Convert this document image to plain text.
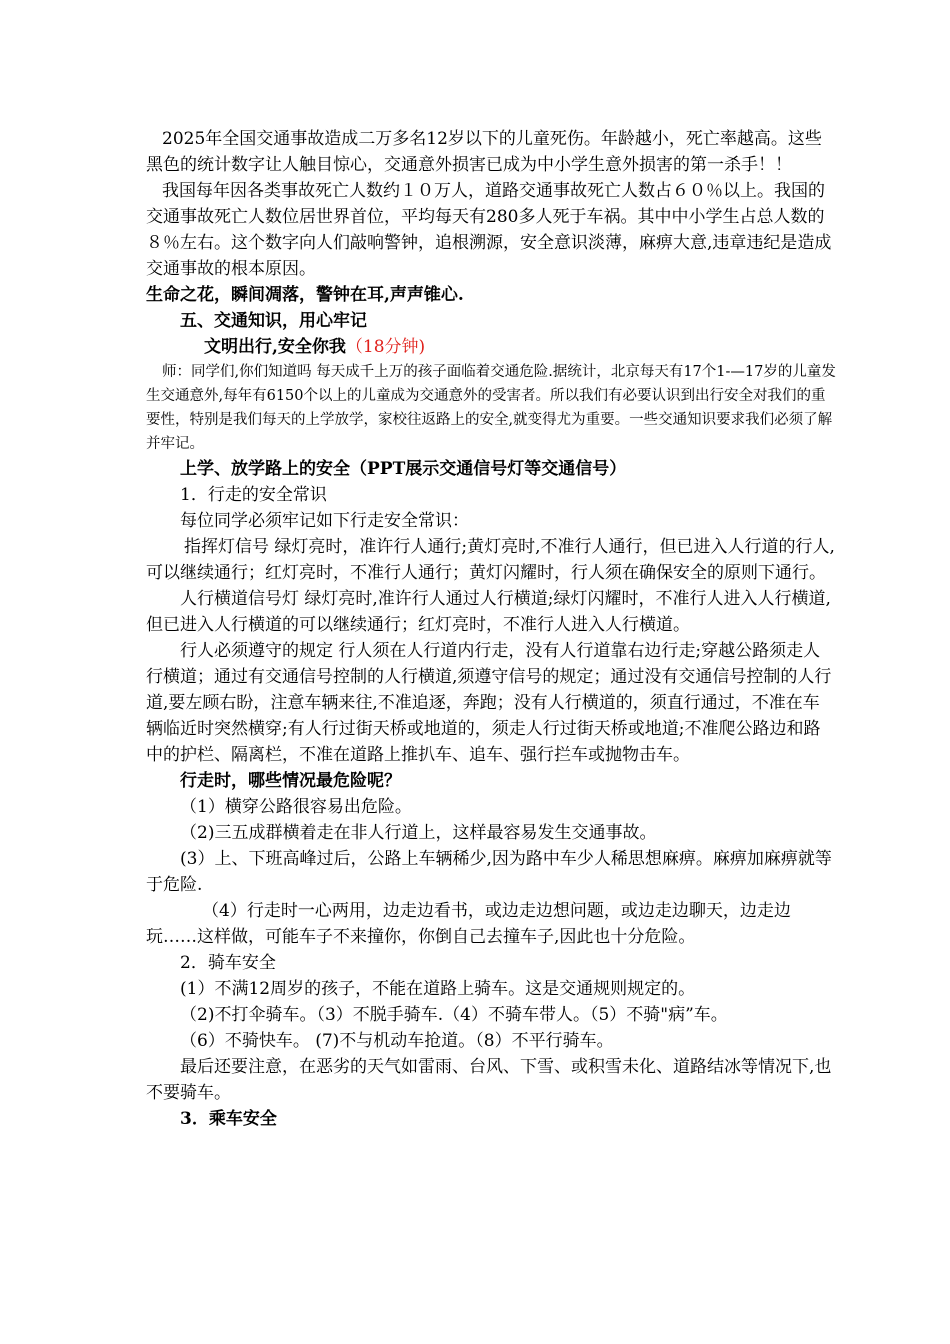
2025年全国交通事故造成二万多名12岁以下的儿童死伤。年龄越小，死亡率越高。这些黑色的统计数字让人触目惊心，交通意外损害已成为中小学生意外损害的第一杀手！！

我国每年因各类事故死亡人数约１０万人，道路交通事故死亡人数占６０％以上。我国的交通事故死亡人数位居世界首位，平均每天有280多人死于车祸。其中中小学生占总人数的８％左右。这个数字向人们敲响警钟，追根溯源，安全意识淡薄，麻痹大意,违章违纪是造成交通事故的根本原因。

生命之花，瞬间凋落，警钟在耳,声声锥心.

五、交通知识，用心牢记

文明出行,安全你我（18分钟)

师：同学们,你们知道吗 每天成千上万的孩子面临着交通危险.据统计，北京每天有17个1-—17岁的儿童发生交通意外,每年有6150个以上的儿童成为交通意外的受害者。所以我们有必要认识到出行安全对我们的重要性，特别是我们每天的上学放学，家校往返路上的安全,就变得尤为重要。一些交通知识要求我们必须了解并牢记。

上学、放学路上的安全（PPT展示交通信号灯等交通信号）

1．行走的安全常识

每位同学必须牢记如下行走安全常识：

指挥灯信号 绿灯亮时，准许行人通行;黄灯亮时,不准行人通行，但已进入人行道的行人,可以继续通行；红灯亮时，不准行人通行；黄灯闪耀时，行人须在确保安全的原则下通行。

人行横道信号灯 绿灯亮时,准许行人通过人行横道;绿灯闪耀时，不准行人进入人行横道,但已进入人行横道的可以继续通行；红灯亮时，不准行人进入人行横道。

行人必须遵守的规定 行人须在人行道内行走，没有人行道靠右边行走;穿越公路须走人行横道；通过有交通信号控制的人行横道,须遵守信号的规定；通过没有交通信号控制的人行道,要左顾右盼，注意车辆来往,不准追逐，奔跑；没有人行横道的，须直行通过，不准在车辆临近时突然横穿;有人行过街天桥或地道的，须走人行过街天桥或地道;不准爬公路边和路中的护栏、隔离栏，不准在道路上推扒车、追车、强行拦车或抛物击车。

行走时，哪些情况最危险呢？

（1）横穿公路很容易出危险。

（2)三五成群横着走在非人行道上，这样最容易发生交通事故。

(3）上、下班高峰过后，公路上车辆稀少,因为路中车少人稀思想麻痹。麻痹加麻痹就等于危险.

（4）行走时一心两用，边走边看书，或边走边想问题，或边走边聊天，边走边玩……这样做，可能车子不来撞你，你倒自己去撞车子,因此也十分危险。

2．骑车安全

(1）不满12周岁的孩子，不能在道路上骑车。这是交通规则规定的。

（2)不打伞骑车。（3）不脱手骑车.（4）不骑车带人。（5）不骑"病”车。

（6）不骑快车。 (7)不与机动车抢道。（8）不平行骑车。

最后还要注意，在恶劣的天气如雷雨、台风、下雪、或积雪未化、道路结冰等情况下,也不要骑车。

3．乘车安全
